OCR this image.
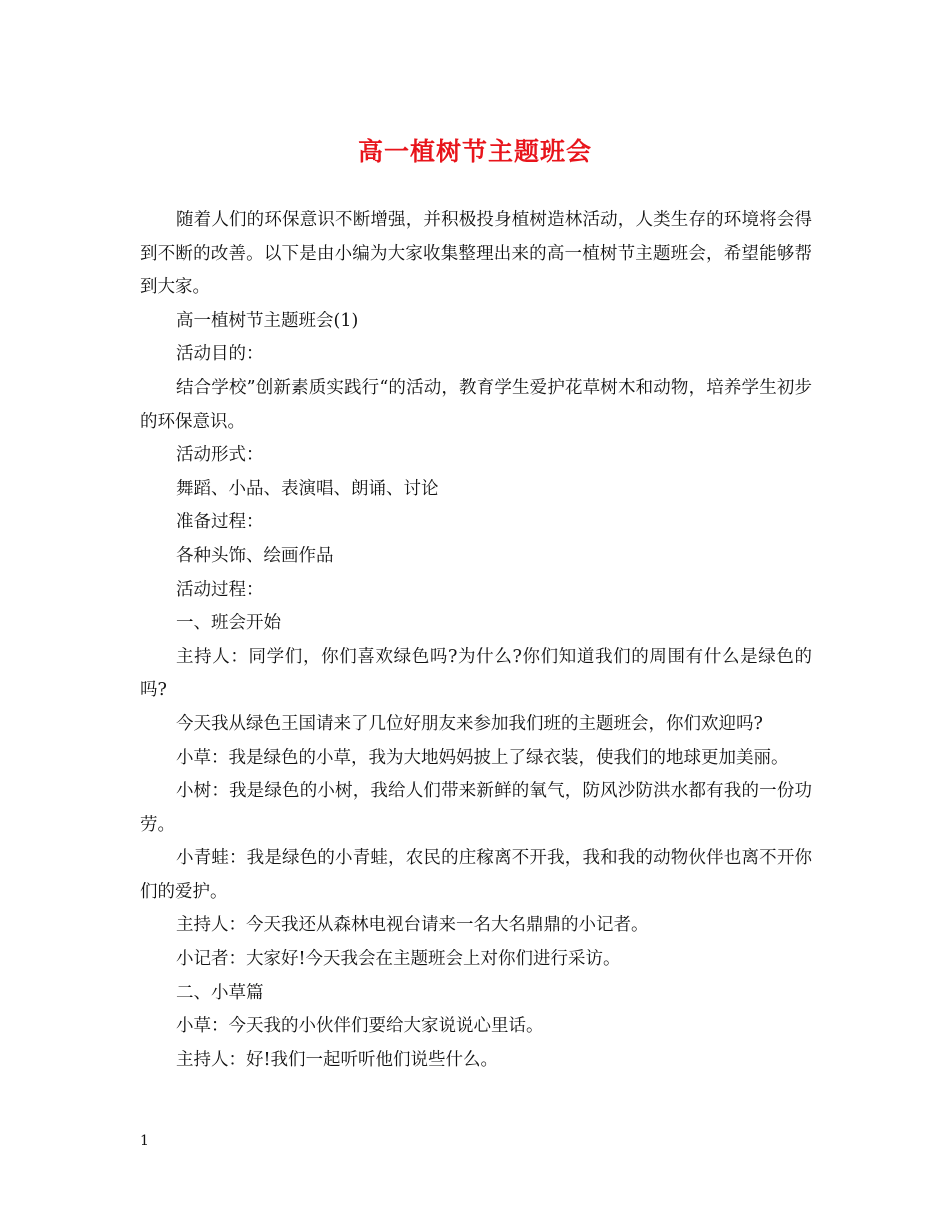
高一植树节主题班会

随着人们的环保意识不断增强，并积极投身植树造林活动，人类生存的环境将会得到不断的改善。以下是由小编为大家收集整理出来的高一植树节主题班会，希望能够帮到大家。

高一植树节主题班会(1)

活动目的：

结合学校”创新素质实践行“的活动，教育学生爱护花草树木和动物，培养学生初步的环保意识。

活动形式：

舞蹈、小品、表演唱、朗诵、讨论

准备过程：

各种头饰、绘画作品

活动过程：

一、班会开始

主持人：同学们，你们喜欢绿色吗?为什么?你们知道我们的周围有什么是绿色的吗?

今天我从绿色王国请来了几位好朋友来参加我们班的主题班会，你们欢迎吗?

小草：我是绿色的小草，我为大地妈妈披上了绿衣装，使我们的地球更加美丽。

小树：我是绿色的小树，我给人们带来新鲜的氧气，防风沙防洪水都有我的一份功劳。

小青蛙：我是绿色的小青蛙，农民的庄稼离不开我，我和我的动物伙伴也离不开你们的爱护。

主持人：今天我还从森林电视台请来一名大名鼎鼎的小记者。

小记者：大家好!今天我会在主题班会上对你们进行采访。

二、小草篇

小草：今天我的小伙伴们要给大家说说心里话。

主持人：好!我们一起听听他们说些什么。

1
